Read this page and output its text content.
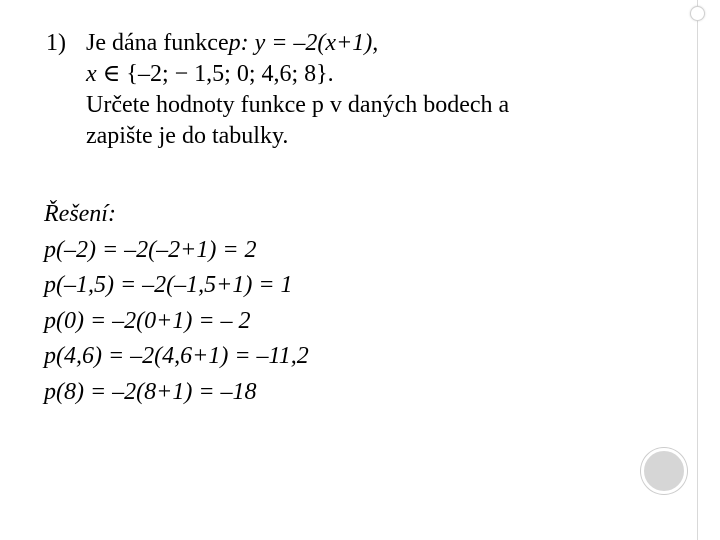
1) Je dána funkce p: y = –2(x+1),
x ∈ {–2; − 1,5; 0; 4,6; 8}.
Určete hodnoty funkce p v daných bodech a
zapište je do tabulky.
Řešení:
p(–2) = –2(–2+1) = 2
p(–1,5) = –2(–1,5+1) = 1
p(0) = –2(0+1) = – 2
p(4,6) = –2(4,6+1) = –11,2
p(8) = –2(8+1) = –18
